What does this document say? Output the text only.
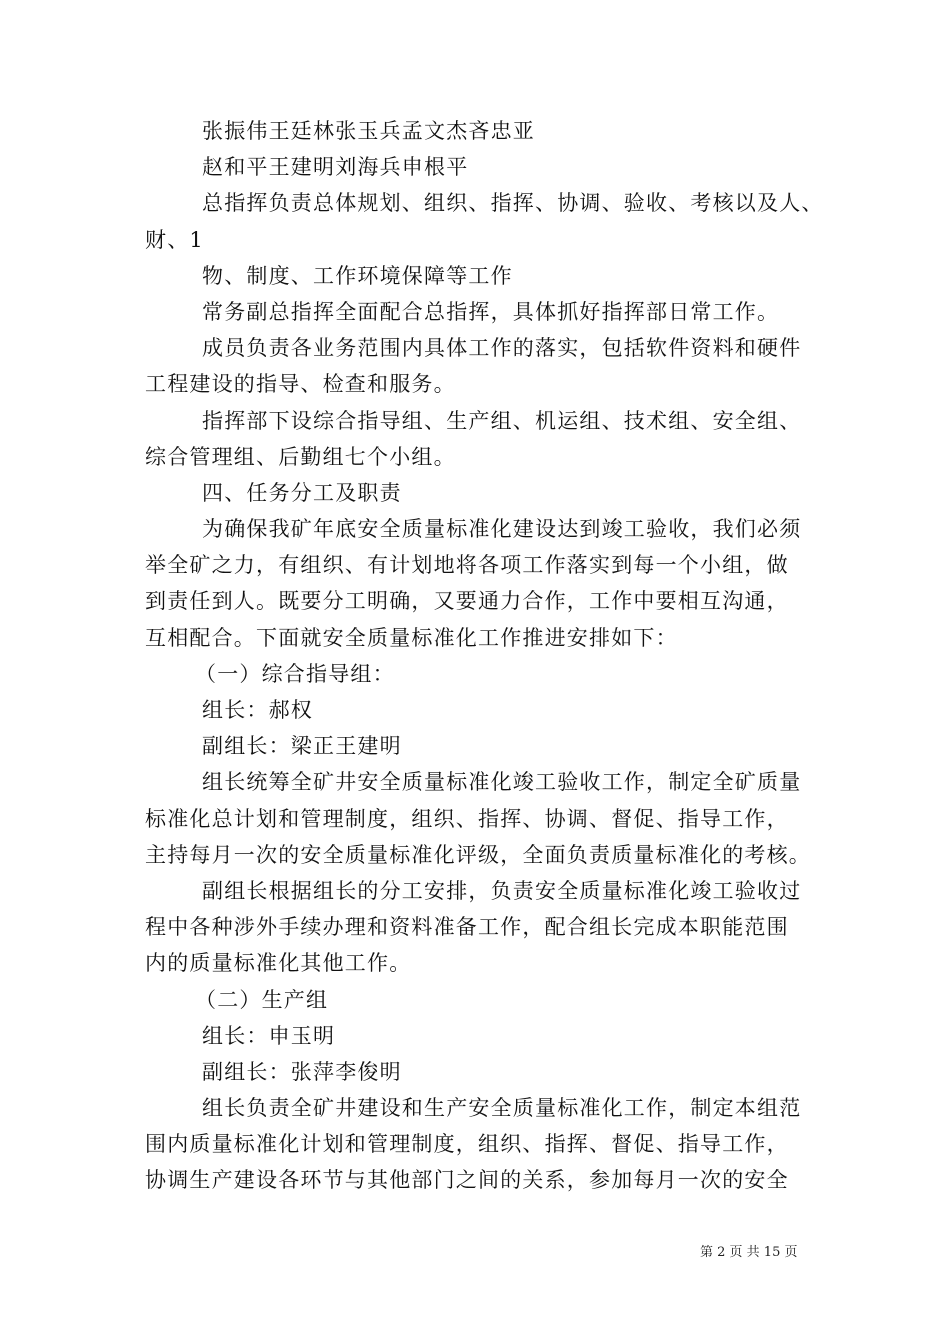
张振伟王廷林张玉兵孟文杰吝忠亚
赵和平王建明刘海兵申根平
总指挥负责总体规划、组织、指挥、协调、验收、考核以及人、
财、1
物、制度、工作环境保障等工作
常务副总指挥全面配合总指挥，具体抓好指挥部日常工作。
成员负责各业务范围内具体工作的落实，包括软件资料和硬件
工程建设的指导、检查和服务。
指挥部下设综合指导组、生产组、机运组、技术组、安全组、
综合管理组、后勤组七个小组。
四、任务分工及职责
为确保我矿年底安全质量标准化建设达到竣工验收，我们必须
举全矿之力，有组织、有计划地将各项工作落实到每一个小组，做
到责任到人。既要分工明确，又要通力合作，工作中要相互沟通，
互相配合。下面就安全质量标准化工作推进安排如下：
（一）综合指导组：
组长：郝权
副组长：梁正王建明
组长统筹全矿井安全质量标准化竣工验收工作，制定全矿质量
标准化总计划和管理制度，组织、指挥、协调、督促、指导工作，
主持每月一次的安全质量标准化评级，全面负责质量标准化的考核。
副组长根据组长的分工安排，负责安全质量标准化竣工验收过
程中各种涉外手续办理和资料准备工作，配合组长完成本职能范围
内的质量标准化其他工作。
（二）生产组
组长：申玉明
副组长：张萍李俊明
组长负责全矿井建设和生产安全质量标准化工作，制定本组范
围内质量标准化计划和管理制度，组织、指挥、督促、指导工作，
协调生产建设各环节与其他部门之间的关系，参加每月一次的安全
第 2 页 共 15 页
